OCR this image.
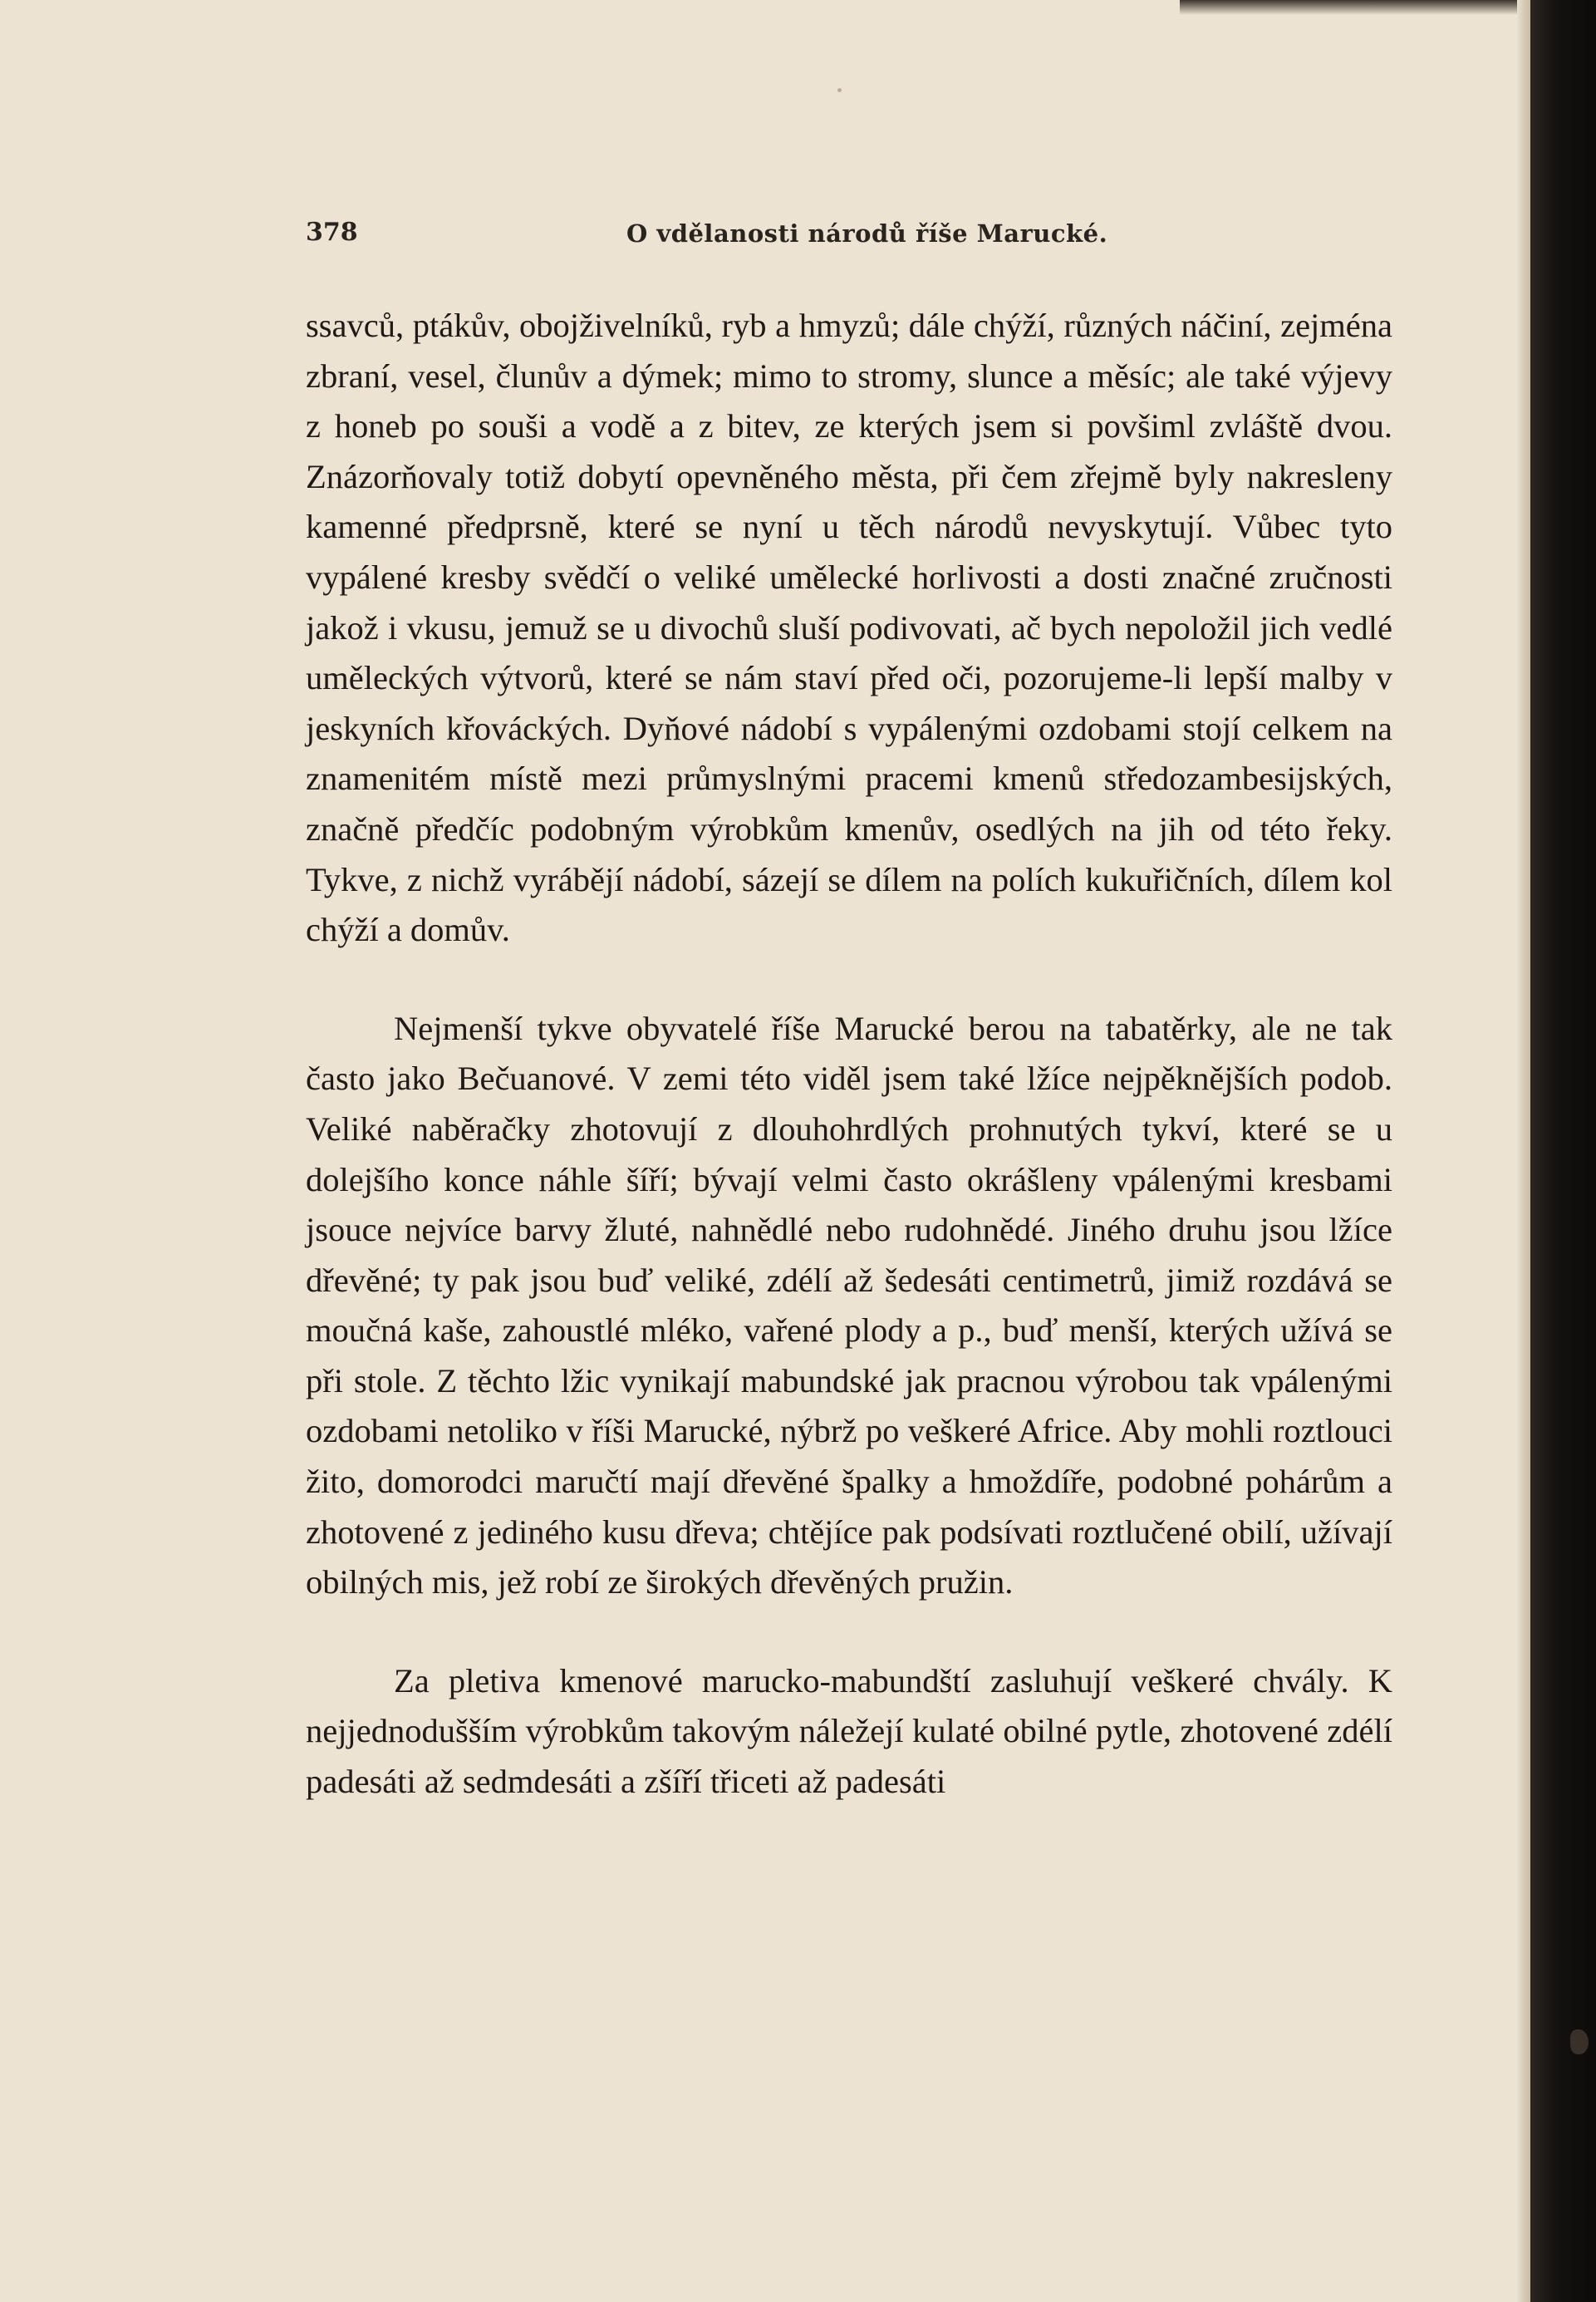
378	O vdělanosti národů říše Marucké.

ssavců, ptákův, obojživelníků, ryb a hmyzů; dále chýží, různých náčiní, zejména zbraní, vesel, člunův a dýmek; mimo to stromy, slunce a měsíc; ale také výjevy z honeb po souši a vodě a z bitev, ze kterých jsem si povšiml zvláště dvou. Znázorňovaly totiž dobytí opevněného města, při čem zřejmě byly nakresleny kamenné předprsně, které se nyní u těch národů nevyskytují. Vůbec tyto vypálené kresby svědčí o veliké umělecké horlivosti a dosti značné zručnosti jakož i vkusu, jemuž se u divochů sluší podivovati, ač bych nepoložil jich vedlé uměleckých výtvorů, které se nám staví před oči, pozorujeme-li lepší malby v jeskyních křováckých. Dyňové nádobí s vypálenými ozdobami stojí celkem na znamenitém místě mezi průmyslnými pracemi kmenů středozambesijských, značně předčíc podobným výrobkům kmenův, osedlých na jih od této řeky. Tykve, z nichž vyrábějí nádobí, sázejí se dílem na polích kukuřičních, dílem kol chýží a domův.

Nejmenší tykve obyvatelé říše Marucké berou na tabatěrky, ale ne tak často jako Bečuanové. V zemi této viděl jsem také lžíce nejpěknějších podob. Veliké naběračky zhotovují z dlouhohrdlých prohnutých tykví, které se u dolejšího konce náhle šíří; bývají velmi často okrášleny vpálenými kresbami jsouce nejvíce barvy žluté, nahnědlé nebo rudohnědé. Jiného druhu jsou lžíce dřevěné; ty pak jsou buď veliké, zdélí až šedesáti centimetrů, jimiž rozdává se moučná kaše, zahoustlé mléko, vařené plody a p., buď menší, kterých užívá se při stole. Z těchto lžic vynikají mabundské jak pracnou výrobou tak vpálenými ozdobami netoliko v říši Marucké, nýbrž po veškeré Africe. Aby mohli roztlouci žito, domorodci maručtí mají dřevěné špalky a hmoždíře, podobné pohárům a zhotovené z jediného kusu dřeva; chtějíce pak podsívati roztlučené obilí, užívají obilných mis, jež robí ze širokých dřevěných pružin.

Za pletiva kmenové marucko-mabundští zasluhují veškeré chvály. K nejjednodušším výrobkům takovým náležejí kulaté obilné pytle, zhotovené zdélí padesáti až sedmdesáti a zšíří třiceti až padesáti
